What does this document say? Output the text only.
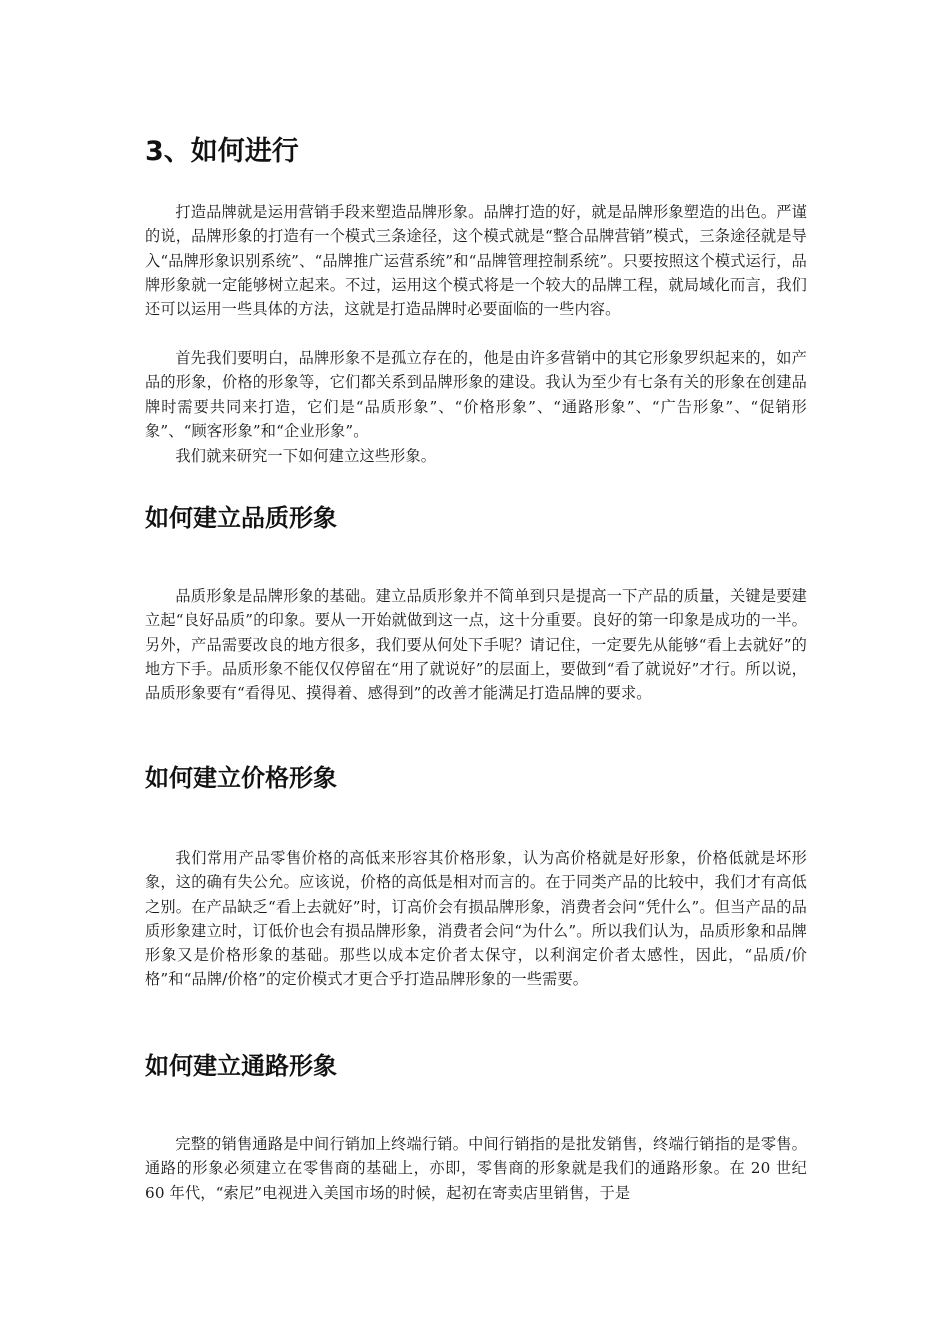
3、如何进行

打造品牌就是运用营销手段来塑造品牌形象。品牌打造的好，就是品牌形象塑造的出色。严谨的说，品牌形象的打造有一个模式三条途径，这个模式就是“整合品牌营销”模式，三条途径就是导入“品牌形象识别系统”、“品牌推广运营系统”和“品牌管理控制系统”。只要按照这个模式运行，品牌形象就一定能够树立起来。不过，运用这个模式将是一个较大的品牌工程，就局域化而言，我们还可以运用一些具体的方法，这就是打造品牌时必要面临的一些内容。

首先我们要明白，品牌形象不是孤立存在的，他是由许多营销中的其它形象罗织起来的，如产品的形象，价格的形象等，它们都关系到品牌形象的建设。我认为至少有七条有关的形象在创建品牌时需要共同来打造，它们是“品质形象”、“价格形象”、“通路形象”、“广告形象”、“促销形象”、“顾客形象”和“企业形象”。

我们就来研究一下如何建立这些形象。

如何建立品质形象

品质形象是品牌形象的基础。建立品质形象并不简单到只是提高一下产品的质量，关键是要建立起“良好品质”的印象。要从一开始就做到这一点，这十分重要。良好的第一印象是成功的一半。另外，产品需要改良的地方很多，我们要从何处下手呢？请记住，一定要先从能够“看上去就好”的地方下手。品质形象不能仅仅停留在“用了就说好”的层面上，要做到“看了就说好”才行。所以说，品质形象要有“看得见、摸得着、感得到”的改善才能满足打造品牌的要求。

如何建立价格形象

我们常用产品零售价格的高低来形容其价格形象，认为高价格就是好形象，价格低就是坏形象，这的确有失公允。应该说，价格的高低是相对而言的。在于同类产品的比较中，我们才有高低之别。在产品缺乏“看上去就好”时，订高价会有损品牌形象，消费者会问“凭什么”。但当产品的品质形象建立时，订低价也会有损品牌形象，消费者会问“为什么”。所以我们认为，品质形象和品牌形象又是价格形象的基础。那些以成本定价者太保守，以利润定价者太感性，因此，“品质/价格”和“品牌/价格”的定价模式才更合乎打造品牌形象的一些需要。

如何建立通路形象

完整的销售通路是中间行销加上终端行销。中间行销指的是批发销售，终端行销指的是零售。通路的形象必须建立在零售商的基础上，亦即，零售商的形象就是我们的通路形象。在 20 世纪 60 年代，“索尼”电视进入美国市场的时候，起初在寄卖店里销售，于是
